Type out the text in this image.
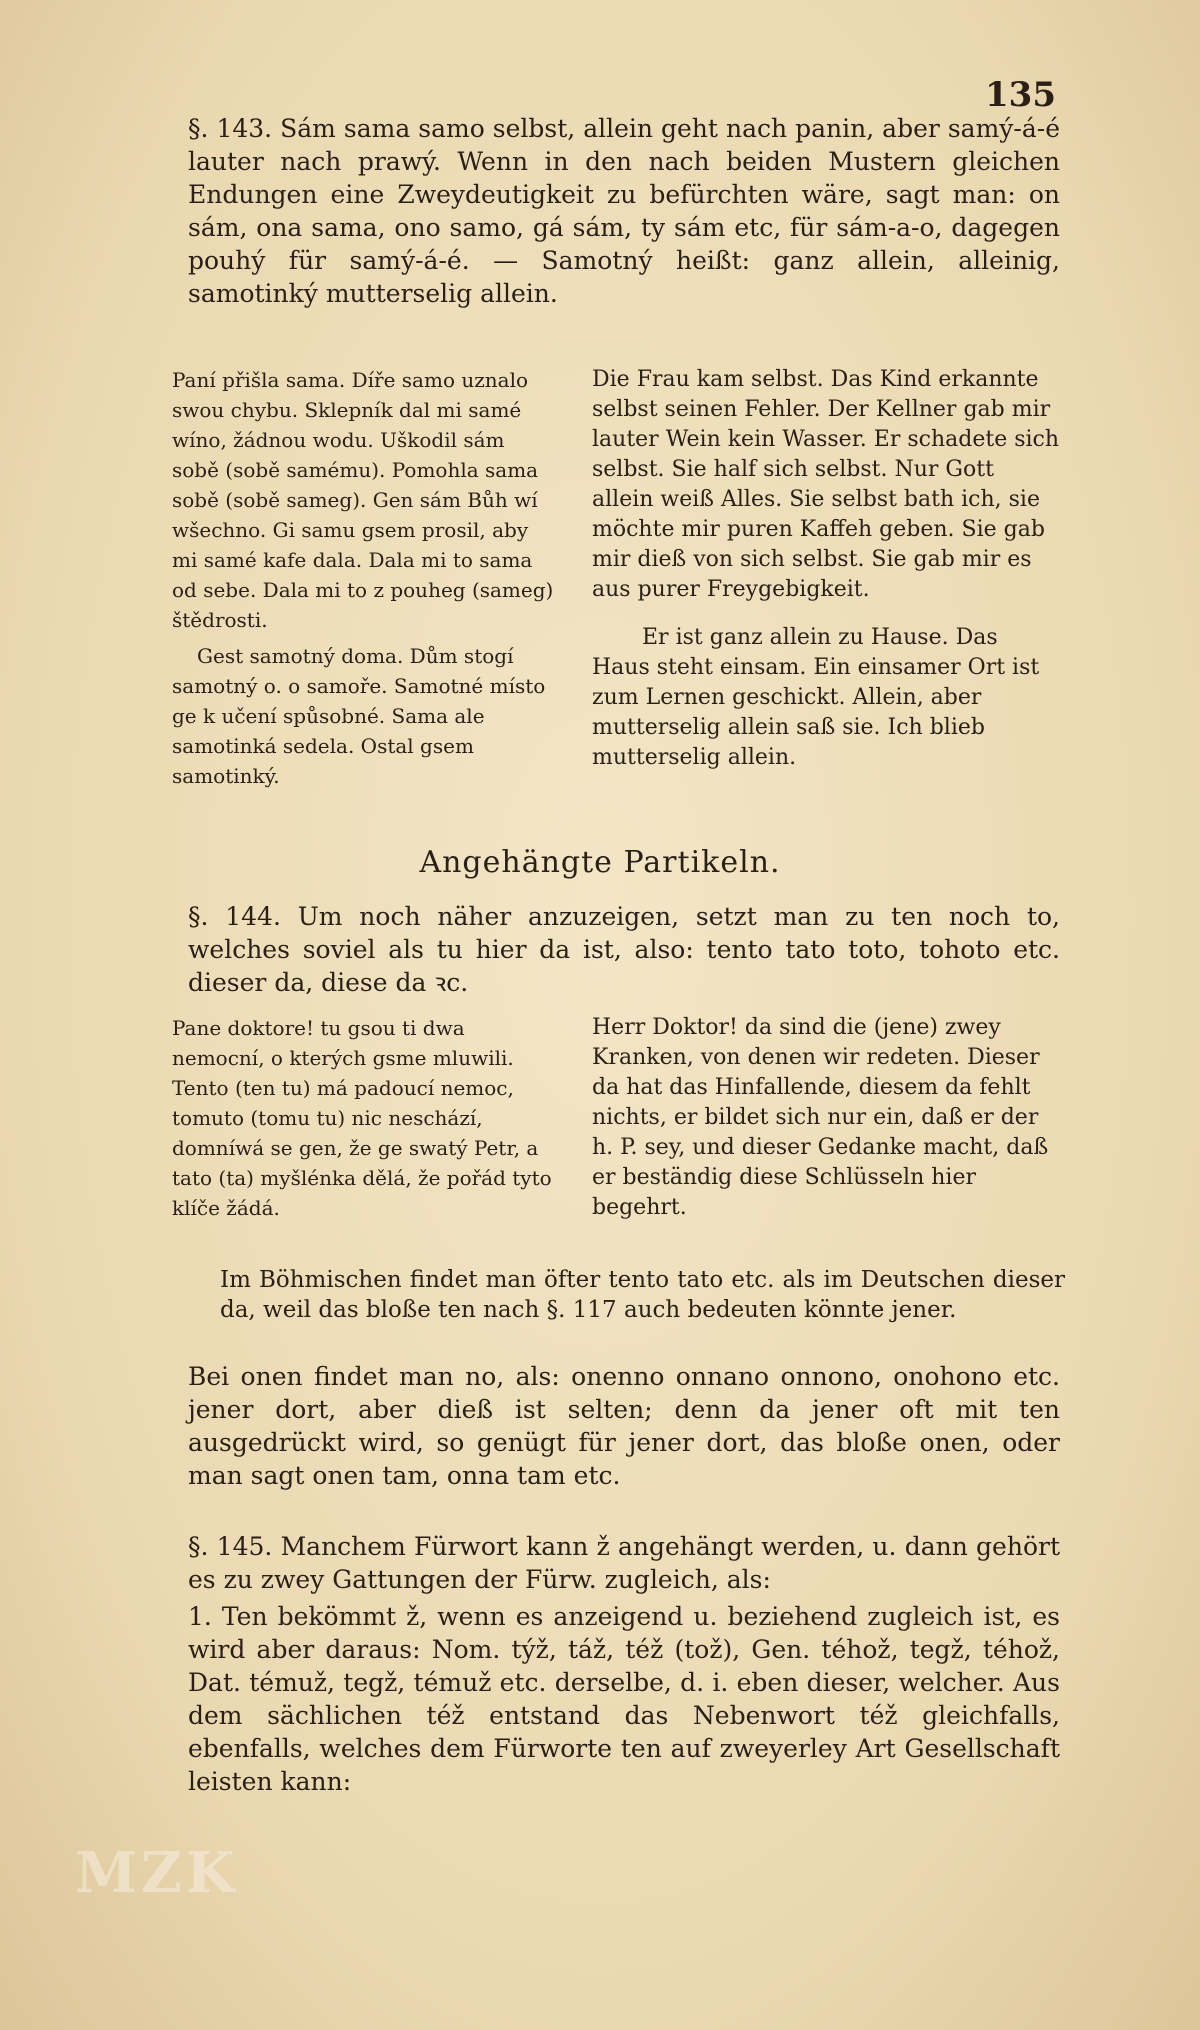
135
§. 143. Sám sama samo selbst, allein geht nach panin, aber samý-á-é lauter nach prawý. Wenn in den nach beiden Mustern gleichen Endungen eine Zweydeutigkeit zu befürchten wäre, sagt man: on sám, ona sama, ono samo, gá sám, ty sám etc, für sám-a-o, dagegen pouhý für samý-á-é. — Samotný heißt: ganz allein, alleinig, samotinký mutterselig allein.

Paní přišla sama. Díře samo uznalo swou chybu. Sklepník dal mi samé wíno, žádnou wodu. Uškodil sám sobě (sobě samému). Pomohla sama sobě (sobě sameg). Gen sám Bůh wí wšechno. Gi samu gsem prosil, aby mi samé kafe dala. Dala mi to sama od sebe. Dala mi to z pouheg (sameg) štědrosti.

Gest samotný doma. Dům stogí samotný o. o samoře. Samotné místo ge k učení spůsobné. Sama ale samotinká sedela. Ostal gsem samotinký.

Die Frau kam selbst. Das Kind erkannte selbst seinen Fehler. Der Kellner gab mir lauter Wein kein Wasser. Er schadete sich selbst. Sie half sich selbst. Nur Gott allein weiß Alles. Sie selbst bath ich, sie möchte mir puren Kaffeh geben. Sie gab mir dieß von sich selbst. Sie gab mir es aus purer Freygebigkeit.

Er ist ganz allein zu Hause. Das Haus steht einsam. Ein einsamer Ort ist zum Lernen geschickt. Allein, aber mutterselig allein saß sie. Ich blieb mutterselig allein.

Angehängte Partikeln.
§. 144. Um noch näher anzuzeigen, setzt man zu ten noch to, welches soviel als tu hier da ist, also: tento tato toto, tohoto etc. dieser da, diese da ꝛc.
Pane doktore! tu gsou ti dwa nemocní, o kterých gsme mluwili. Tento (ten tu) má padoucí nemoc, tomuto (tomu tu) nic neschází, domníwá se gen, že ge swatý Petr, a tato (ta) myšlénka dělá, že pořád tyto klíče žádá.
Herr Doktor! da sind die (jene) zwey Kranken, von denen wir redeten. Dieser da hat das Hinfallende, diesem da fehlt nichts, er bildet sich nur ein, daß er der h. P. sey, und dieser Gedanke macht, daß er beständig diese Schlüsseln hier begehrt.
Im Böhmischen findet man öfter tento tato etc. als im Deutschen dieser da, weil das bloße ten nach §. 117 auch bedeuten könnte jener.
Bei onen findet man no, als: onenno onnano onnono, onohono etc. jener dort, aber dieß ist selten; denn da jener oft mit ten ausgedrückt wird, so genügt für jener dort, das bloße onen, oder man sagt onen tam, onna tam etc.
§. 145. Manchem Fürwort kann ž angehängt werden, u. dann gehört es zu zwey Gattungen der Fürw. zugleich, als:
1. Ten bekömmt ž, wenn es anzeigend u. beziehend zugleich ist, es wird aber daraus: Nom. týž, táž, též (tož), Gen. téhož, tegž, téhož, Dat. témuž, tegž, témuž etc. derselbe, d. i. eben dieser, welcher. Aus dem sächlichen též entstand das Nebenwort též gleichfalls, ebenfalls, welches dem Fürworte ten auf zweyerley Art Gesellschaft leisten kann:
MZK
